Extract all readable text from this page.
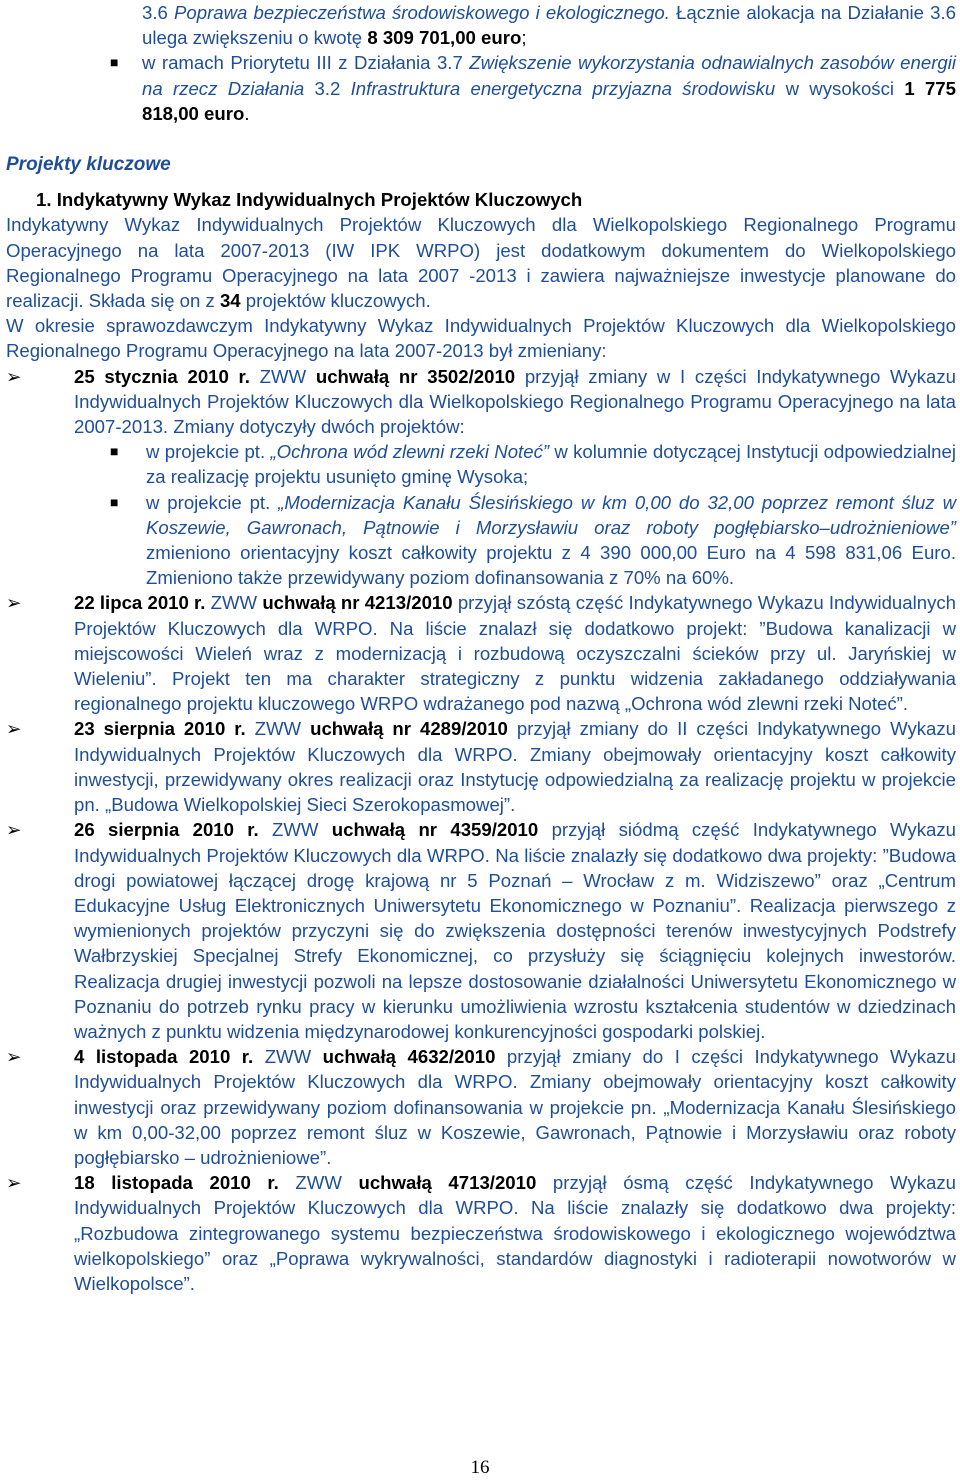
3.6 Poprawa bezpieczeństwa środowiskowego i ekologicznego. Łącznie alokacja na Działanie 3.6 ulega zwiększeniu o kwotę 8 309 701,00 euro;
■ w ramach Priorytetu III z Działania 3.7 Zwiększenie wykorzystania odnawialnych zasobów energii na rzecz Działania 3.2 Infrastruktura energetyczna przyjazna środowisku w wysokości 1 775 818,00 euro.
Projekty kluczowe
1. Indykatywny Wykaz Indywidualnych Projektów Kluczowych

Indykatywny Wykaz Indywidualnych Projektów Kluczowych dla Wielkopolskiego Regionalnego Programu Operacyjnego na lata 2007-2013 (IW IPK WRPO) jest dodatkowym dokumentem do Wielkopolskiego Regionalnego Programu Operacyjnego na lata 2007 -2013 i zawiera najważniejsze inwestycje planowane do realizacji. Składa się on z 34 projektów kluczowych.

W okresie sprawozdawczym Indykatywny Wykaz Indywidualnych Projektów Kluczowych dla Wielkopolskiego Regionalnego Programu Operacyjnego na lata 2007-2013 był zmieniany:

➢	25 stycznia 2010 r. ZWW uchwałą nr 3502/2010 przyjął zmiany w I części Indykatywnego Wykazu Indywidualnych Projektów Kluczowych dla Wielkopolskiego Regionalnego Programu Operacyjnego na lata 2007-2013. Zmiany dotyczyły dwóch projektów:
■ w projekcie pt. „Ochrona wód zlewni rzeki Noteć” w kolumnie dotyczącej Instytucji odpowiedzialnej za realizację projektu usunięto gminę Wysoka;
■ w projekcie pt. „Modernizacja Kanału Ślesińskiego w km 0,00 do 32,00 poprzez remont śluz w Koszewie, Gawronach, Pątnowie i Morzysławiu oraz roboty pogłębiarsko–udrożnieniowe” zmieniono orientacyjny koszt całkowity projektu z 4 390 000,00 Euro na 4 598 831,06 Euro. Zmieniono także przewidywany poziom dofinansowania z 70% na 60%.
➢	22 lipca 2010 r. ZWW uchwałą nr 4213/2010 przyjął szóstą część Indykatywnego Wykazu Indywidualnych Projektów Kluczowych dla WRPO. Na liście znalazł się dodatkowo projekt: ”Budowa kanalizacji w miejscowości Wieleń wraz z modernizacją i rozbudową oczyszczalni ścieków przy ul. Jaryńskiej w Wieleniu”. Projekt ten ma charakter strategiczny z punktu widzenia zakładanego oddziaływania regionalnego projektu kluczowego WRPO wdrażanego pod nazwą „Ochrona wód zlewni rzeki Noteć”.
➢	23 sierpnia 2010 r. ZWW uchwałą nr 4289/2010 przyjął zmiany do II części Indykatywnego Wykazu Indywidualnych Projektów Kluczowych dla WRPO. Zmiany obejmowały orientacyjny koszt całkowity inwestycji, przewidywany okres realizacji oraz Instytucję odpowiedzialną za realizację projektu w projekcie pn. „Budowa Wielkopolskiej Sieci Szerokopasmowej”.
➢	26 sierpnia 2010 r. ZWW uchwałą nr 4359/2010 przyjął siódmą część Indykatywnego Wykazu Indywidualnych Projektów Kluczowych dla WRPO. Na liście znalazły się dodatkowo dwa projekty: ”Budowa drogi powiatowej łączącej drogę krajową nr 5 Poznań – Wrocław z m. Widziszewo” oraz „Centrum Edukacyjne Usług Elektronicznych Uniwersytetu Ekonomicznego w Poznaniu”. Realizacja pierwszego z wymienionych projektów przyczyni się do zwiększenia dostępności terenów inwestycyjnych Podstrefy Wałbrzyskiej Specjalnej Strefy Ekonomicznej, co przysłuży się ściągnięciu kolejnych inwestorów. Realizacja drugiej inwestycji pozwoli na lepsze dostosowanie działalności Uniwersytetu Ekonomicznego w Poznaniu do potrzeb rynku pracy w kierunku umożliwienia wzrostu kształcenia studentów w dziedzinach ważnych z punktu widzenia międzynarodowej konkurencyjności gospodarki polskiej.
➢	4 listopada 2010 r. ZWW uchwałą 4632/2010 przyjął zmiany do I części Indykatywnego Wykazu Indywidualnych Projektów Kluczowych dla WRPO. Zmiany obejmowały orientacyjny koszt całkowity inwestycji oraz przewidywany poziom dofinansowania w projekcie pn. „Modernizacja Kanału Ślesińskiego w km 0,00-32,00 poprzez remont śluz w Koszewie, Gawronach, Pątnowie i Morzysławiu oraz roboty pogłębiarsko – udrożnieniowe”.
➢	18 listopada 2010 r. ZWW uchwałą 4713/2010 przyjął ósmą część Indykatywnego Wykazu Indywidualnych Projektów Kluczowych dla WRPO. Na liście znalazły się dodatkowo dwa projekty: „Rozbudowa zintegrowanego systemu bezpieczeństwa środowiskowego i ekologicznego województwa wielkopolskiego” oraz „Poprawa wykrywalności, standardów diagnostyki i radioterapii nowotworów w Wielkopolsce”.
16
